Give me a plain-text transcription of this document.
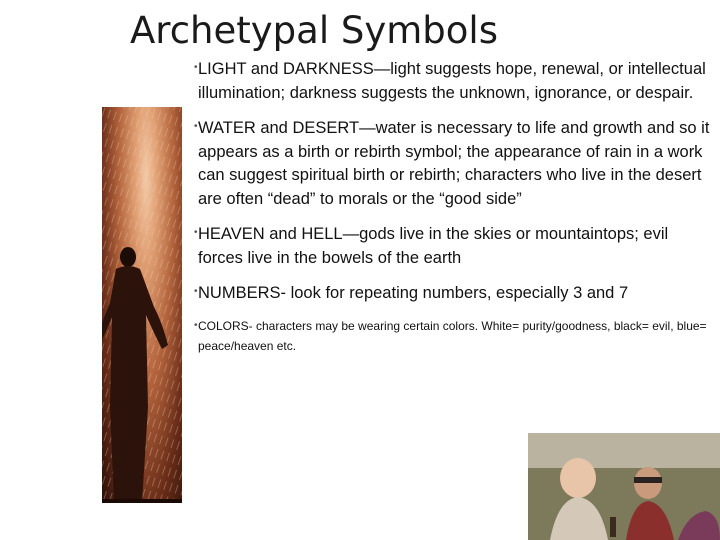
Archetypal Symbols
• LIGHT and DARKNESS—light suggests hope, renewal, or intellectual illumination; darkness suggests the unknown, ignorance, or despair.
• WATER and DESERT—water is necessary to life and growth and so it appears as a birth or rebirth symbol; the appearance of rain in a work can suggest spiritual birth or rebirth; characters who live in the desert are often “dead” to morals or the “good side”
• HEAVEN and HELL—gods live in the skies or mountaintops; evil forces live in the bowels of the earth
• NUMBERS- look for repeating numbers, especially 3 and 7
• COLORS- characters may be wearing certain colors. White= purity/goodness, black= evil, blue= peace/heaven etc.
